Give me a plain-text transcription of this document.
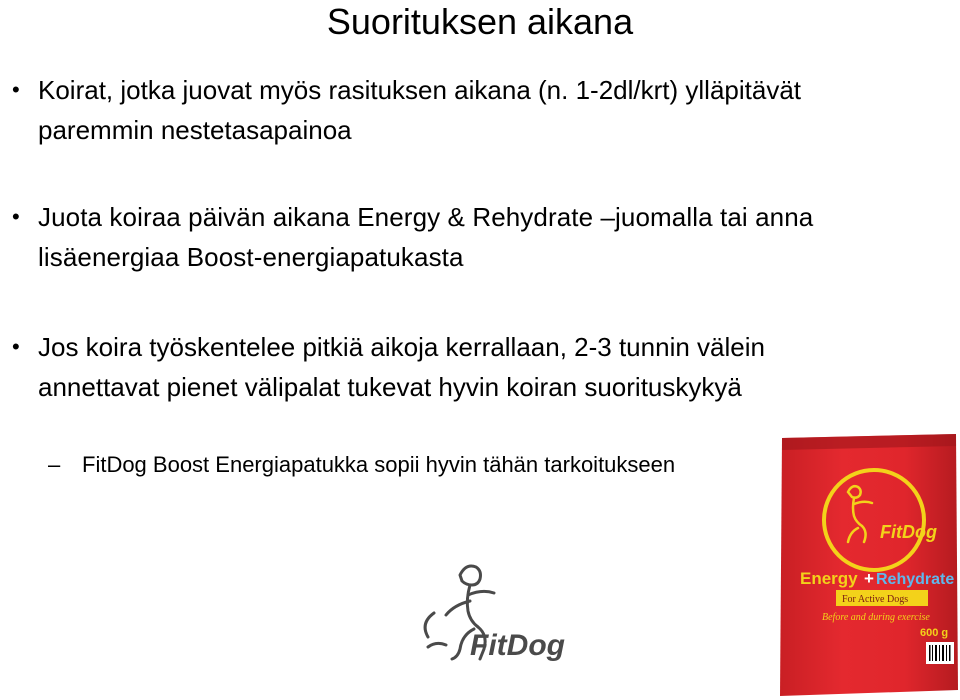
Suorituksen aikana
• Koirat, jotka juovat myös rasituksen aikana (n. 1-2dl/krt) ylläpitävät paremmin nestetasapainoa
• Juota koiraa päivän aikana Energy & Rehydrate –juomalla tai anna lisäenergiaa Boost-energiapatukasta
• Jos koira työskentelee pitkiä aikoja kerrallaan, 2-3 tunnin välein annettavat pienet välipalat tukevat hyvin koiran suorituskykyä
– FitDog Boost Energiapatukka sopii hyvin tähän tarkoitukseen
FitDog
FitDog
Energy + Rehydrate
For Active Dogs
Before and during exercise
600 g
